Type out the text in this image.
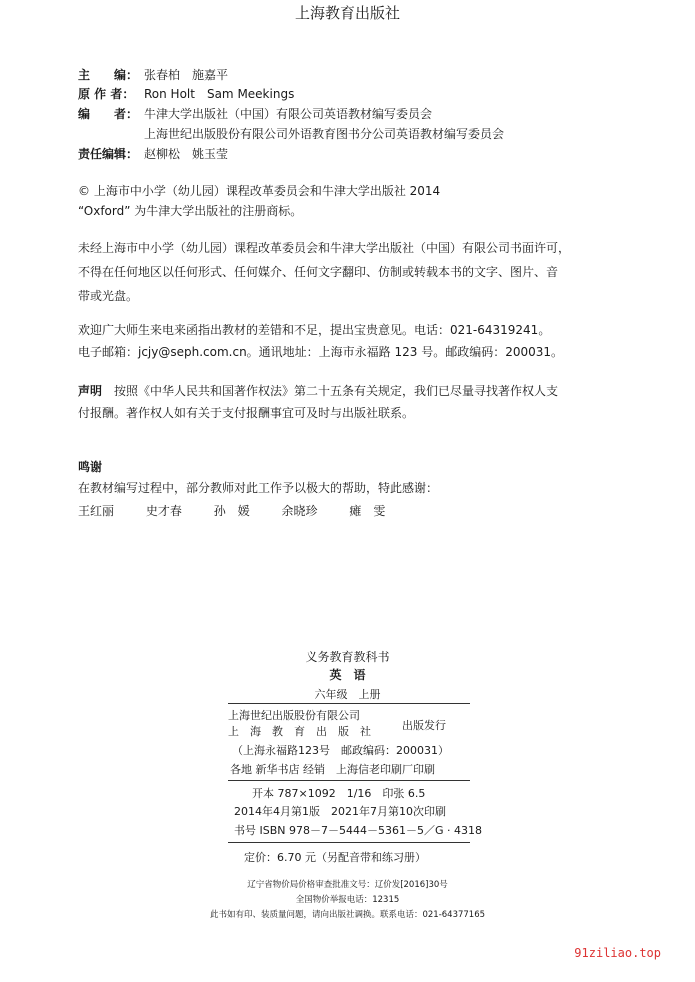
上海教育出版社
主　　编： 张春柏　施嘉平
原 作 者： Ron Holt　Sam Meekings
编　　者： 牛津大学出版社（中国）有限公司英语教材编写委员会
上海世纪出版股份有限公司外语教育图书分公司英语教材编写委员会
责任编辑： 赵柳松　姚玉莹
© 上海市中小学（幼儿园）课程改革委员会和牛津大学出版社 2014
“Oxford” 为牛津大学出版社的注册商标。
未经上海市中小学（幼儿园）课程改革委员会和牛津大学出版社（中国）有限公司书面许可，
不得在任何地区以任何形式、任何媒介、任何文字翻印、仿制或转载本书的文字、图片、音
带或光盘。
欢迎广大师生来电来函指出教材的差错和不足，提出宝贵意见。电话：021-64319241。
电子邮箱：jcjy@seph.com.cn。通讯地址：上海市永福路 123 号。邮政编码：200031。
声明　 按照《中华人民共和国著作权法》第二十五条有关规定，我们已尽量寻找著作权人支
付报酬。著作权人如有关于支付报酬事宜可及时与出版社联系。
鸣谢
在教材编写过程中，部分教师对此工作予以极大的帮助，特此感谢：
王红丽	史才春	孙　媛	余晓珍	瘫　雯
义务教育教科书
英　语
六年级　上册
上海世纪出版股份有限公司
上　海　教　育　出　版　社	出版发行
（上海永福路123号　邮政编码：200031）
各地 新华书店 经销　上海信老印刷厂印刷
开本 787×1092　1/16　印张 6.5
2014年4月第1版　2021年7月第10次印刷
书号 ISBN 978－7－5444－5361－5／G · 4318
定价：6.70 元（另配音带和练习册）
辽宁省物价局价格审查批准文号：辽价发[2016]30号
全国物价举报电话：12315
此书如有印、装质量问题，请向出版社调换。联系电话：021-64377165
91ziliao.top
